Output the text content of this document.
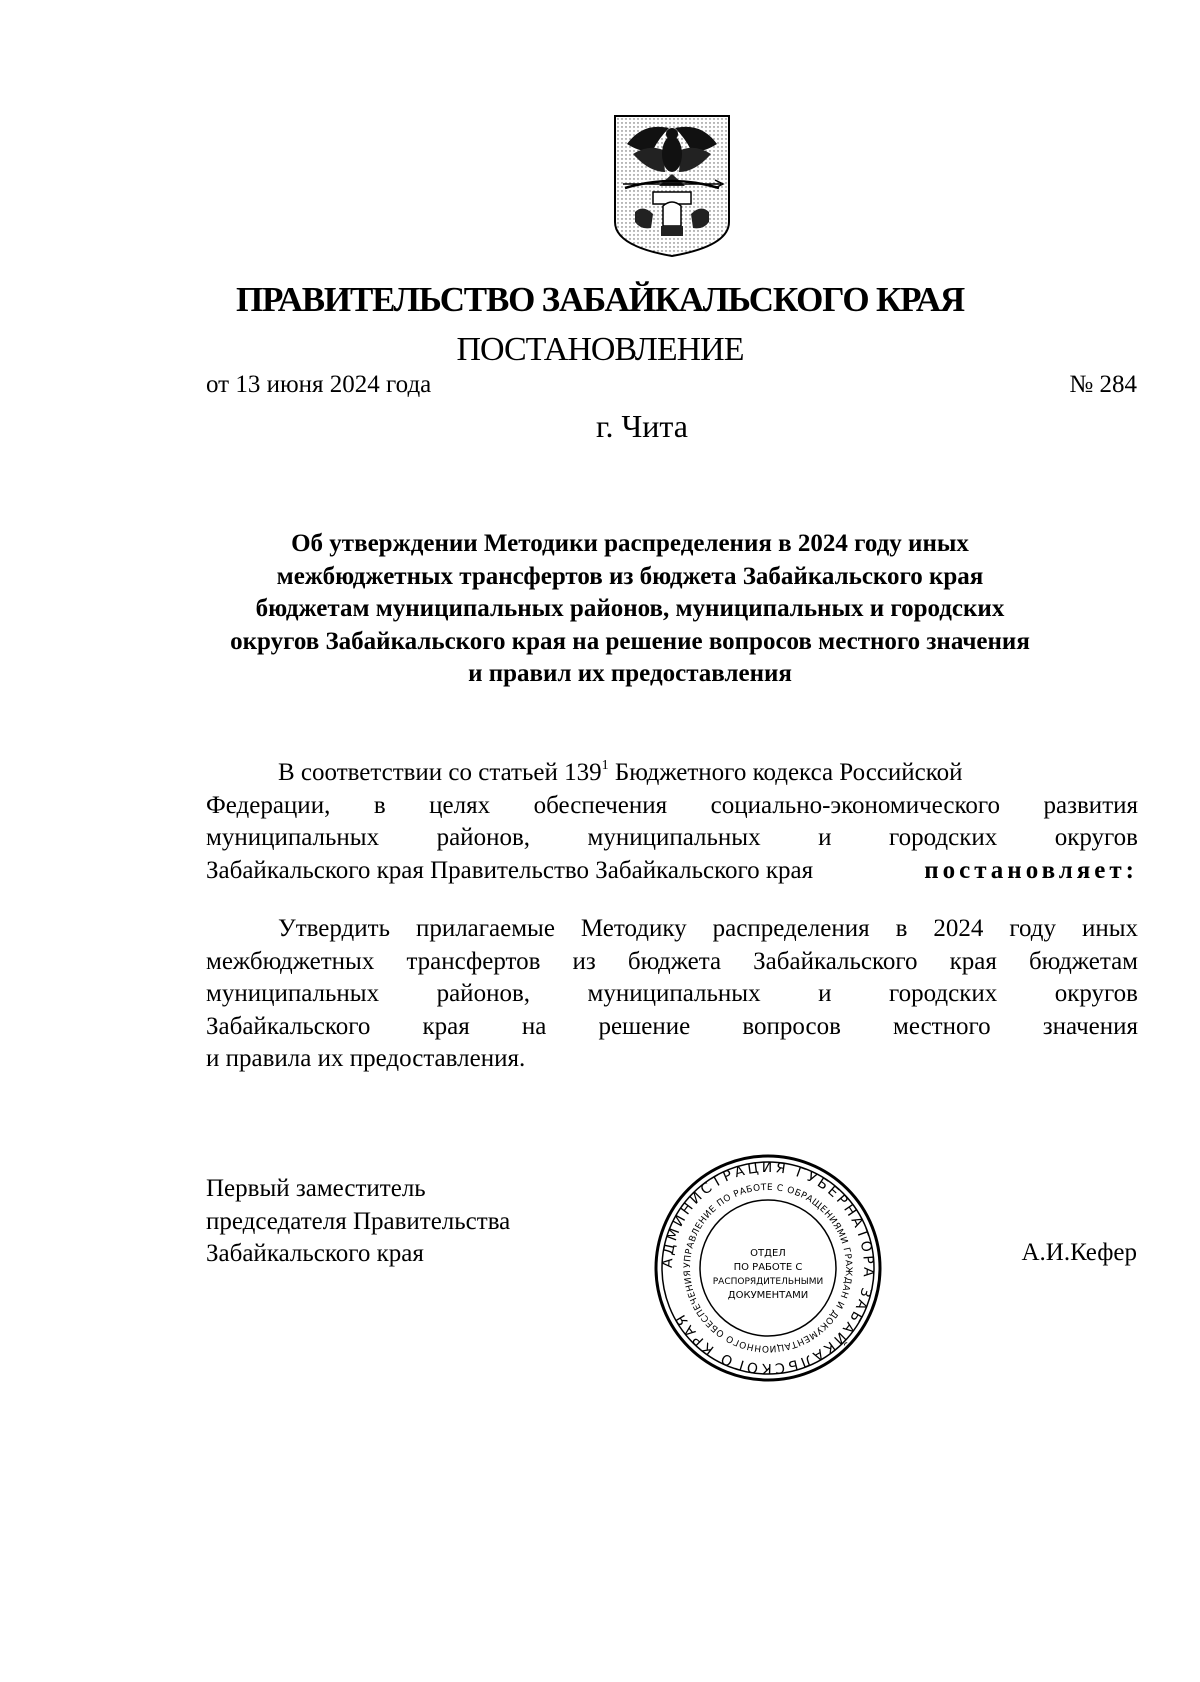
ПРАВИТЕЛЬСТВО ЗАБАЙКАЛЬСКОГО КРАЯ
ПОСТАНОВЛЕНИЕ
от 13 июня 2024 года	№ 284
г. Чита
Об утверждении Методики распределения в 2024 году иных
межбюджетных трансфертов из бюджета Забайкальского края
бюджетам муниципальных районов, муниципальных и городских
округов Забайкальского края на решение вопросов местного значения
и правил их предоставления
В соответствии со статьей $139^1$ Бюджетного кодекса Российской
Федерации, в целях обеспечения социально-экономического развития
муниципальных районов, муниципальных и городских округов
Забайкальского края Правительство Забайкальского края	постановляет:
Утвердить прилагаемые Методику распределения в 2024 году иных
межбюджетных трансфертов из бюджета Забайкальского края бюджетам
муниципальных районов, муниципальных и городских округов
Забайкальского края на решение вопросов местного значения
и правила их предоставления.
Первый заместитель
председателя Правительства
Забайкальского края	АДМИНИСТРАЦИЯ ГУБЕРНАТОРА ЗАБАЙКАЛЬСКОГО КРАЯ
УПРАВЛЕНИЕ ПО РАБОТЕ С ОБРАЩЕНИЯМИ ГРАЖДАН И ДОКУМЕНТАЦИОННОГО ОБЕСПЕЧЕНИЯ
ОТДЕЛ
ПО РАБОТЕ С
РАСПОРЯДИТЕЛЬНЫМИ
ДОКУМЕНТАМИ
А.И.Кефер
